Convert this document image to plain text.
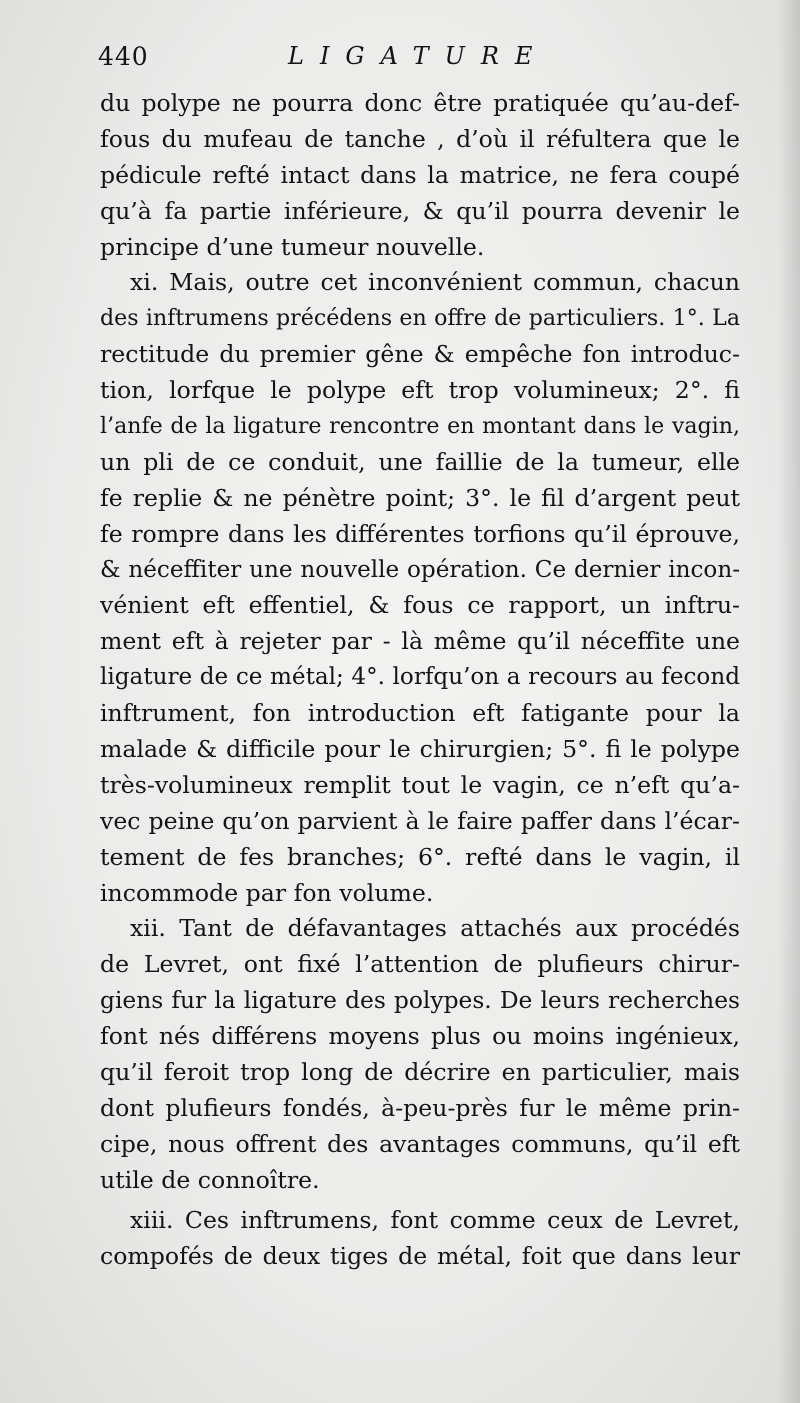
440	LIGATURE
du polype ne pourra donc être pratiquée qu’au-def-
fous du mufeau de tanche , d’où il réfultera que le
pédicule refté intact dans la matrice, ne fera coupé
qu’à fa partie inférieure, & qu’il pourra devenir le
principe d’une tumeur nouvelle.
xi. Mais, outre cet inconvénient commun, chacun
des inftrumens précédens en offre de particuliers. 1°. La
rectitude du premier gêne & empêche fon introduc-
tion, lorfque le polype eft trop volumineux; 2°. fi
l’anfe de la ligature rencontre en montant dans le vagin,
un pli de ce conduit, une faillie de la tumeur, elle
fe replie & ne pénètre point; 3°. le fil d’argent peut
fe rompre dans les différentes torfions qu’il éprouve,
& néceffiter une nouvelle opération. Ce dernier incon-
vénient eft effentiel, & fous ce rapport, un inftru-
ment eft à rejeter par - là même qu’il néceffite une
ligature de ce métal; 4°. lorfqu’on a recours au fecond
inftrument, fon introduction eft fatigante pour la
malade & difficile pour le chirurgien; 5°. fi le polype
très-volumineux remplit tout le vagin, ce n’eft qu’a-
vec peine qu’on parvient à le faire paffer dans l’écar-
tement de fes branches; 6°. refté dans le vagin, il
incommode par fon volume.
xii. Tant de défavantages attachés aux procédés
de Levret, ont fixé l’attention de plufieurs chirur-
giens fur la ligature des polypes. De leurs recherches
font nés différens moyens plus ou moins ingénieux,
qu’il feroit trop long de décrire en particulier, mais
dont plufieurs fondés, à-peu-près fur le même prin-
cipe, nous offrent des avantages communs, qu’il eft
utile de connoître.
xiii. Ces inftrumens, font comme ceux de Levret,
compofés de deux tiges de métal, foit que dans leur
